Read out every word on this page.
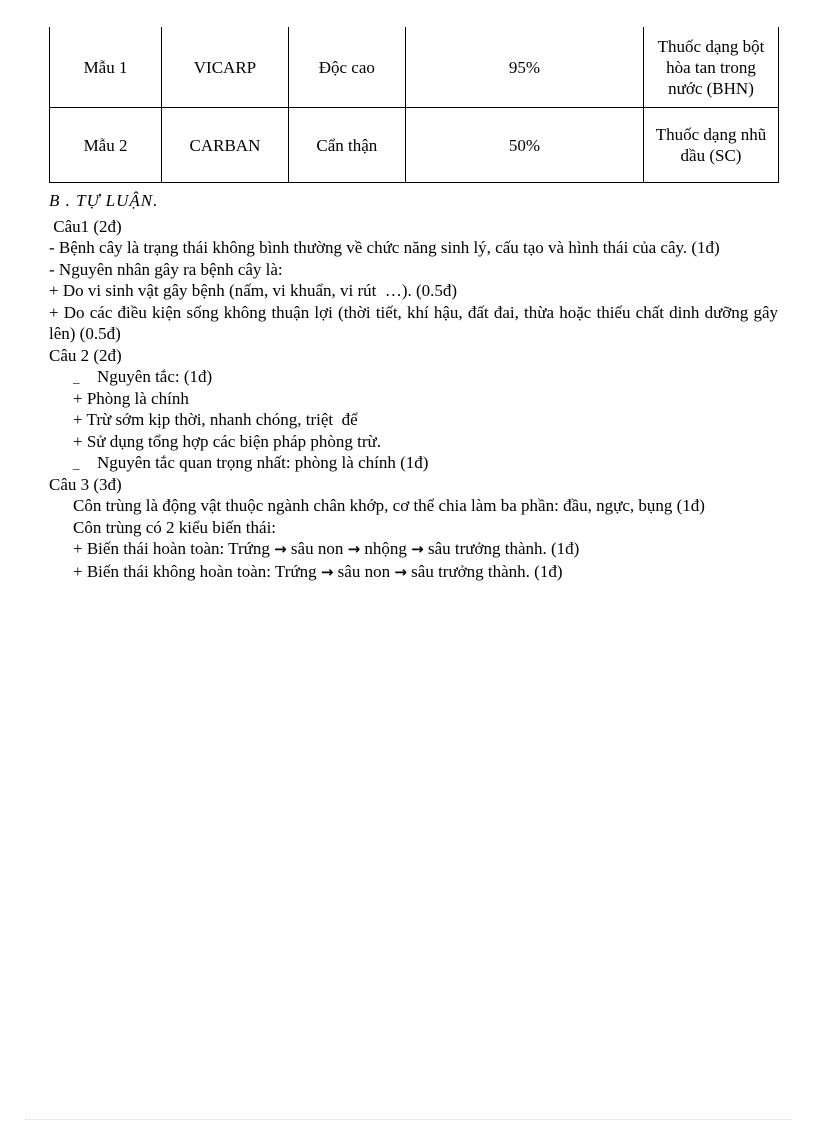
Mẫu 1	VICARP	Độc cao	95%	Thuốc dạng bột hòa tan trong nước (BHN)
Mẫu 2	CARBAN	Cẩn thận	50%	Thuốc dạng nhũ dầu (SC)

B . TỰ LUẬN.

Câu1 (2đ)

- Bệnh cây là trạng thái không bình thường về chức năng sinh lý, cấu tạo và hình thái của cây. (1đ)

- Nguyên nhân gây ra bệnh cây là:

+ Do vi sinh vật gây bệnh (nấm, vi khuẩn, vi rút  …). (0.5đ)

+ Do các điều kiện sống không thuận lợi (thời tiết, khí hậu, đất đai, thừa hoặc thiếu chất dinh dưỡng gây lên) (0.5đ)

Câu 2 (2đ)

_ Nguyên tắc: (1đ)

+ Phòng là chính

+ Trừ sớm kịp thời, nhanh chóng, triệt  để

+ Sử dụng tổng hợp các biện pháp phòng trừ.

_ Nguyên tắc quan trọng nhất: phòng là chính (1đ)

Câu 3 (3đ)

Côn trùng là động vật thuộc ngành chân khớp, cơ thể chia làm ba phần: đầu, ngực, bụng (1đ)

Côn trùng có 2 kiểu biến thái:

+ Biến thái hoàn toàn: Trứng → sâu non → nhộng → sâu trưởng thành. (1đ)

+ Biến thái không hoàn toàn: Trứng → sâu non → sâu trưởng thành. (1đ)
